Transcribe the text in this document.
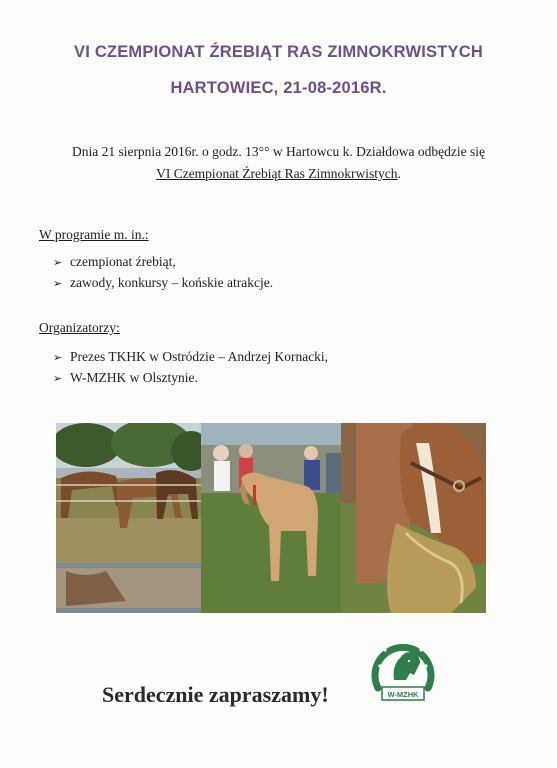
VI CZEMPIONAT ŹREBIĄT RAS ZIMNOKRWISTYCH
HARTOWIEC, 21-08-2016R.
Dnia 21 sierpnia 2016r. o godz. 13°° w Hartowcu k. Działdowa odbędzie się
VI Czempionat Źrebiąt Ras Zimnokrwistych.
W programie m. in.:
➢ czempionat źrebiąt,
➢ zawody, konkursy – końskie atrakcje.
Organizatorzy:
➢ Prezes TKHK w Ostródzie – Andrzej Kornacki,
➢ W-MZHK w Olsztynie.
W-MZHK
Serdecznie zapraszamy!
